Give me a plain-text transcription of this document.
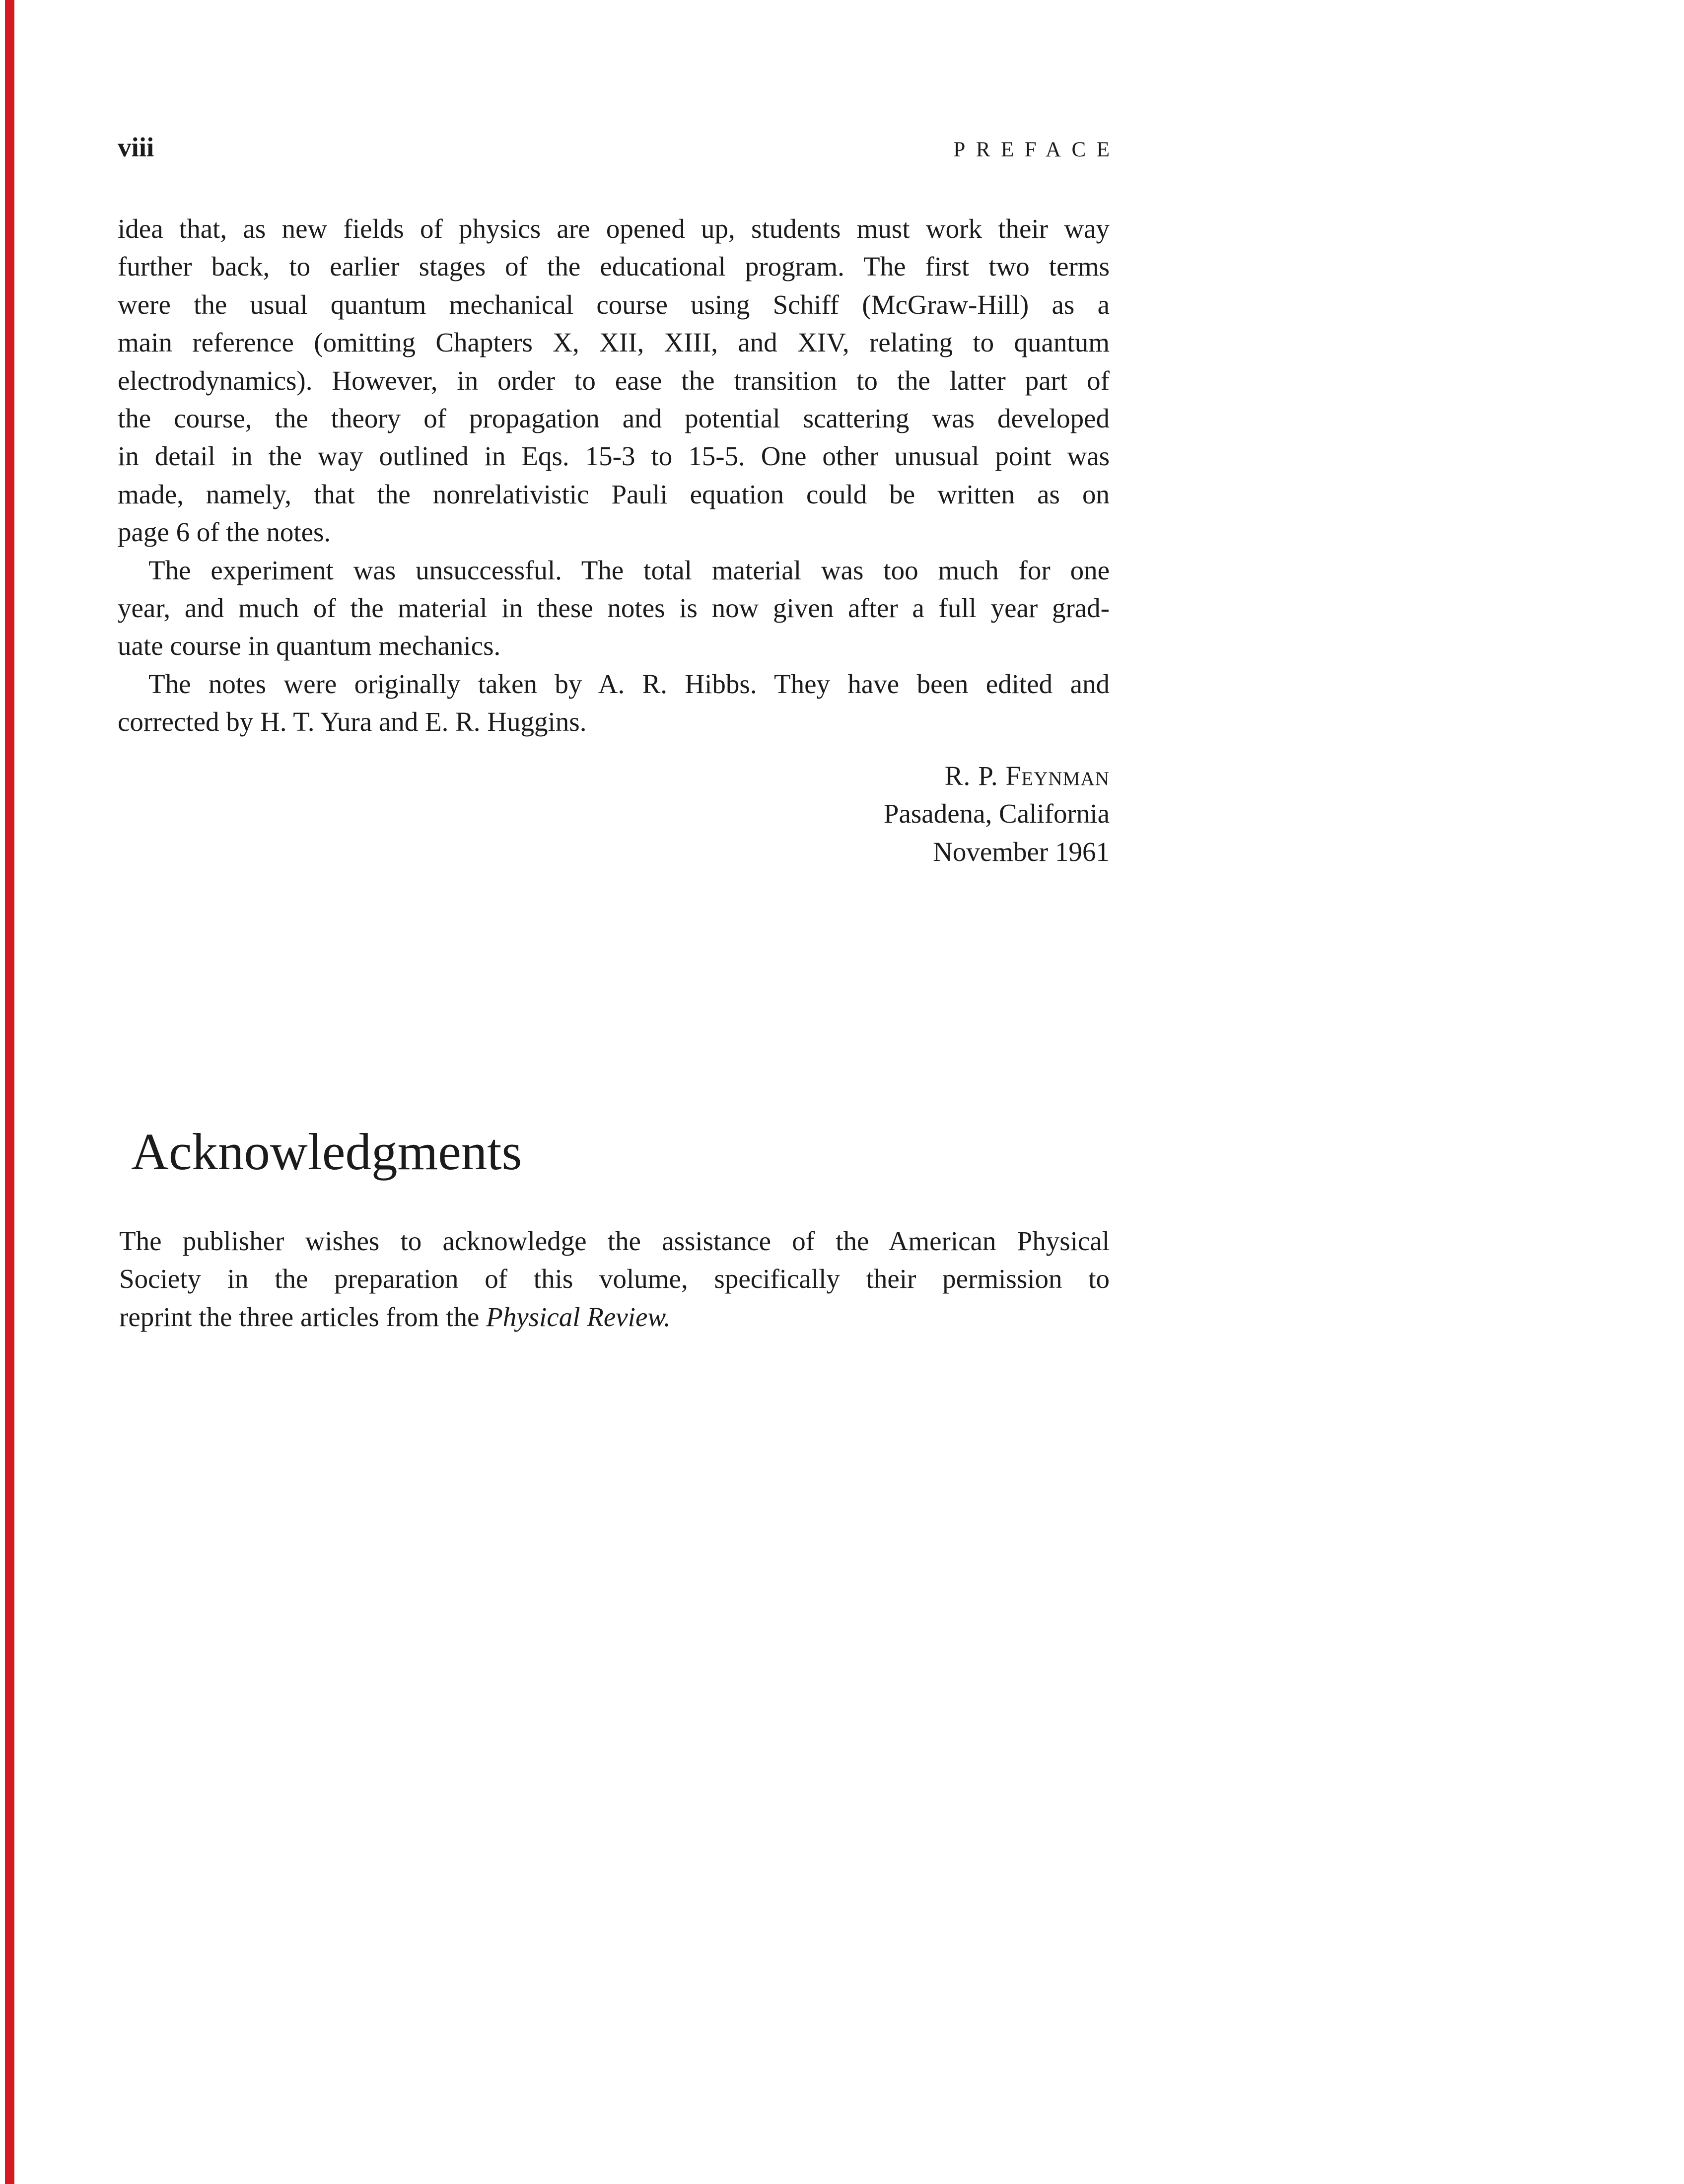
viii	PREFACE
idea that, as new fields of physics are opened up, students must work their way
further back, to earlier stages of the educational program. The first two terms
were the usual quantum mechanical course using Schiff (McGraw-Hill) as a
main reference (omitting Chapters X, XII, XIII, and XIV, relating to quantum
electrodynamics). However, in order to ease the transition to the latter part of
the course, the theory of propagation and potential scattering was developed
in detail in the way outlined in Eqs. 15-3 to 15-5. One other unusual point was
made, namely, that the nonrelativistic Pauli equation could be written as on
page 6 of the notes.
The experiment was unsuccessful. The total material was too much for one
year, and much of the material in these notes is now given after a full year grad-
uate course in quantum mechanics.
The notes were originally taken by A. R. Hibbs. They have been edited and
corrected by H. T. Yura and E. R. Huggins.
R. P. Feynman
Pasadena, California
November 1961
Acknowledgments
The publisher wishes to acknowledge the assistance of the American Physical
Society in the preparation of this volume, specifically their permission to
reprint the three articles from the Physical Review.
